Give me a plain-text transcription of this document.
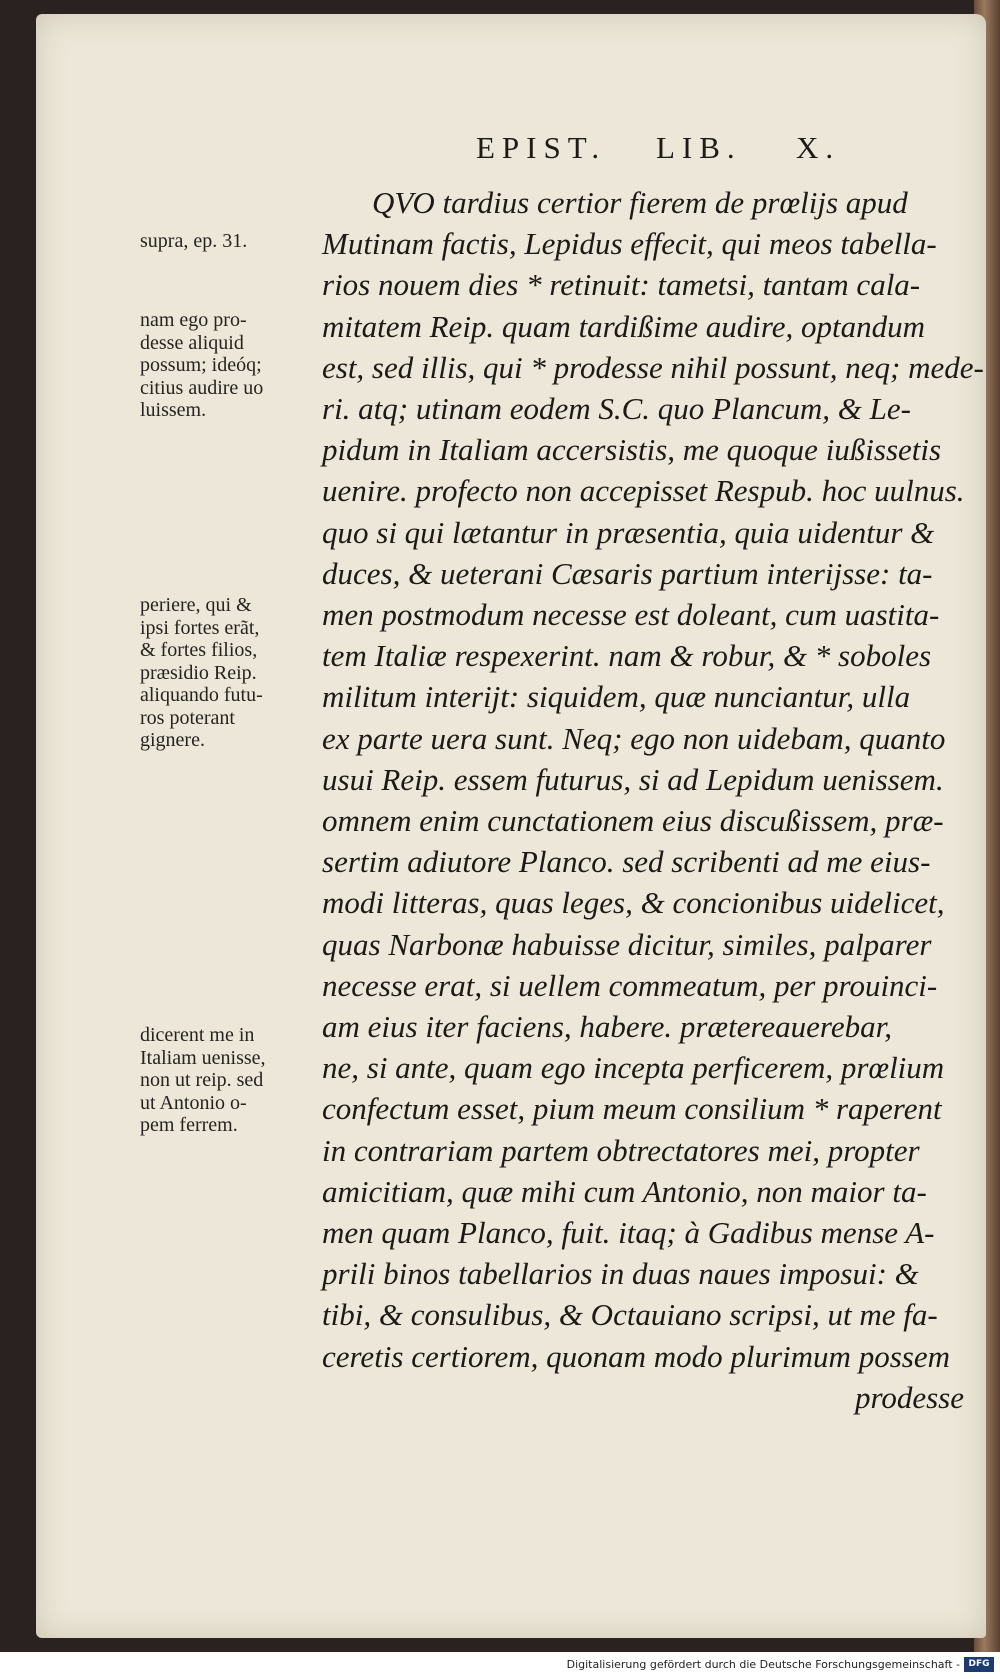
EPIST. LIB. X.
QVO tardius certior fierem de prœlijs apud
Mutinam factis, Lepidus effecit, qui meos tabella-
rios nouem dies * retinuit: tametsi, tantam cala-
mitatem Reip. quam tardißime audire, optandum
est, sed illis, qui * prodesse nihil possunt, neq; mede-
ri. atq; utinam eodem S.C. quo Plancum, & Le-
pidum in Italiam accersistis, me quoque iußissetis
uenire. profecto non accepisset Respub. hoc uulnus.
quo si qui lætantur in præsentia, quia uidentur &
duces, & ueterani Cæsaris partium interijsse: ta-
men postmodum necesse est doleant, cum uastita-
tem Italiæ respexerint. nam & robur, & * soboles
militum interijt: siquidem, quæ nunciantur, ulla
ex parte uera sunt. Neq; ego non uidebam, quanto
usui Reip. essem futurus, si ad Lepidum uenissem.
omnem enim cunctationem eius discußissem, præ-
sertim adiutore Planco. sed scribenti ad me eius-
modi litteras, quas leges, & concionibus uidelicet,
quas Narbonæ habuisse dicitur, similes, palparer
necesse erat, si uellem commeatum, per prouinci-
am eius iter faciens, habere. prætereauerebar,
ne, si ante, quam ego incepta perficerem, prœlium
confectum esset, pium meum consilium * raperent
in contrariam partem obtrectatores mei, propter
amicitiam, quæ mihi cum Antonio, non maior ta-
men quam Planco, fuit. itaq; à Gadibus mense A-
prili binos tabellarios in duas naues imposui: &
tibi, & consulibus, & Octauiano scripsi, ut me fa-
ceretis certiorem, quonam modo plurimum possem
prodesse
supra, ep. 31.
nam ego pro-
desse aliquid
possum; ideóq;
citius audire uo
luissem.
periere, qui &
ipsi fortes erãt,
& fortes filios,
præsidio Reip.
aliquando futu-
ros poterant
gignere.
dicerent me in
Italiam uenisse,
non ut reip. sed
ut Antonio o-
pem ferrem.
Digitalisierung gefördert durch die Deutsche Forschungsgemeinschaft - DFG
